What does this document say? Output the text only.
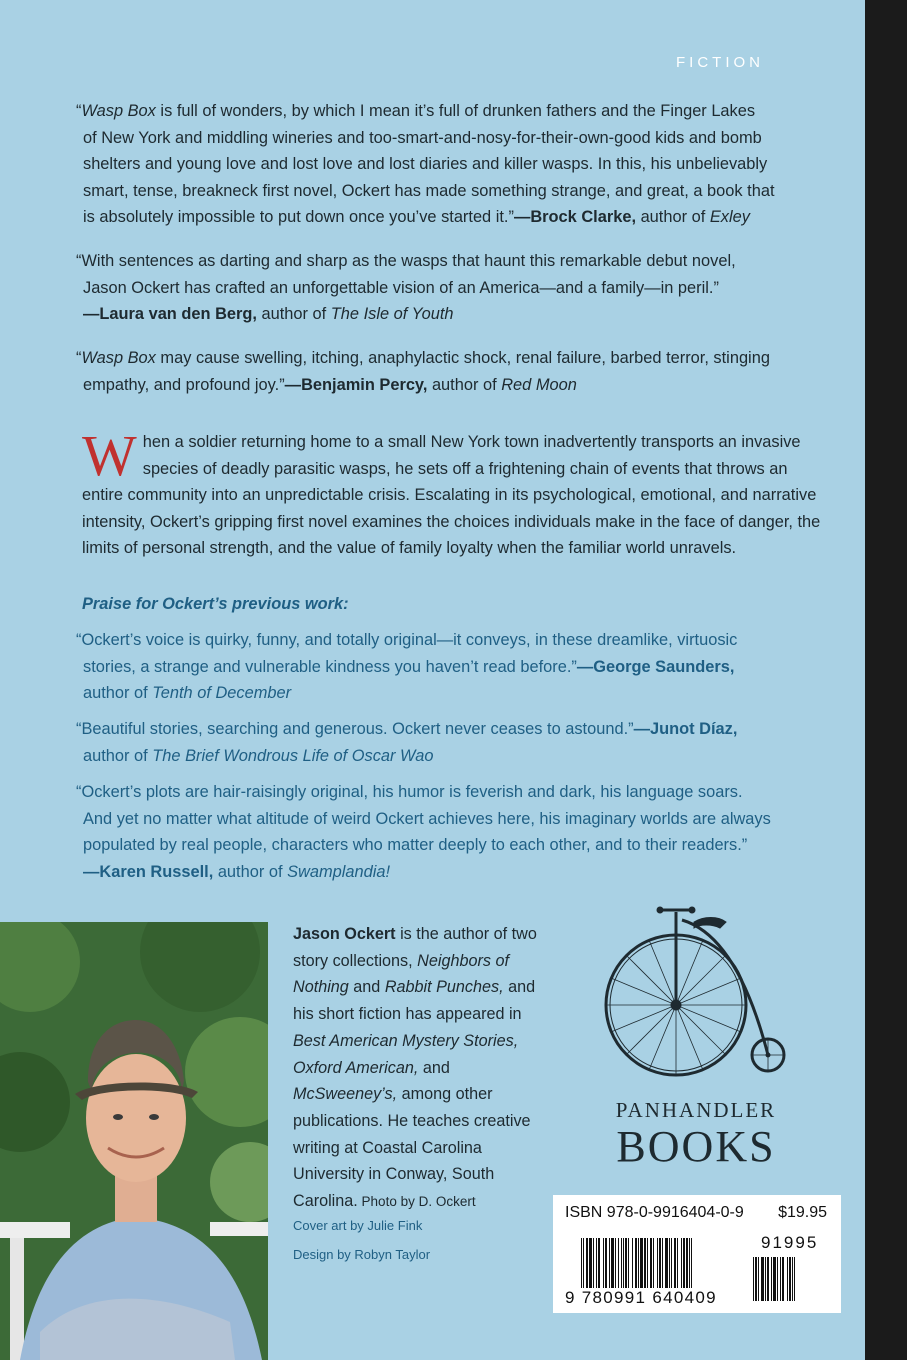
FICTION
“Wasp Box is full of wonders, by which I mean it’s full of drunken fathers and the Finger Lakes
of New York and middling wineries and too-smart-and-nosy-for-their-own-good kids and bomb
shelters and young love and lost love and lost diaries and killer wasps. In this, his unbelievably
smart, tense, breakneck first novel, Ockert has made something strange, and great, a book that
is absolutely impossible to put down once you’ve started it.”—Brock Clarke, author of Exley
“With sentences as darting and sharp as the wasps that haunt this remarkable debut novel,
Jason Ockert has crafted an unforgettable vision of an America—and a family—in peril.”
—Laura van den Berg, author of The Isle of Youth
“Wasp Box may cause swelling, itching, anaphylactic shock, renal failure, barbed terror, stinging
empathy, and profound joy.”—Benjamin Percy, author of Red Moon
When a soldier returning home to a small New York town inadvertently transports an invasive species of deadly parasitic wasps, he sets off a frightening chain of events that throws an entire community into an unpredictable crisis. Escalating in its psychological, emotional, and narrative intensity, Ockert’s gripping first novel examines the choices individuals make in the face of danger, the limits of personal strength, and the value of family loyalty when the familiar world unravels.
Praise for Ockert’s previous work:
“Ockert’s voice is quirky, funny, and totally original—it conveys, in these dreamlike, virtuosic
stories, a strange and vulnerable kindness you haven’t read before.”—George Saunders,
author of Tenth of December
“Beautiful stories, searching and generous. Ockert never ceases to astound.”—Junot Díaz,
author of The Brief Wondrous Life of Oscar Wao
“Ockert’s plots are hair-raisingly original, his humor is feverish and dark, his language soars.
And yet no matter what altitude of weird Ockert achieves here, his imaginary worlds are always
populated by real people, characters who matter deeply to each other, and to their readers.”
—Karen Russell, author of Swamplandia!
Jason Ockert is the author of two story collections, Neighbors of Nothing and Rabbit Punches, and his short fiction has appeared in Best American Mystery Stories, Oxford American, and McSweeney’s, among other publications. He teaches creative writing at Coastal Carolina University in Conway, South Carolina. Photo by D. Ockert
Cover art by Julie Fink
Design by Robyn Taylor
PANHANDLER
BOOKS
ISBN 978-0-9916404-0-9 $19.95
91995
9 780991 640409
